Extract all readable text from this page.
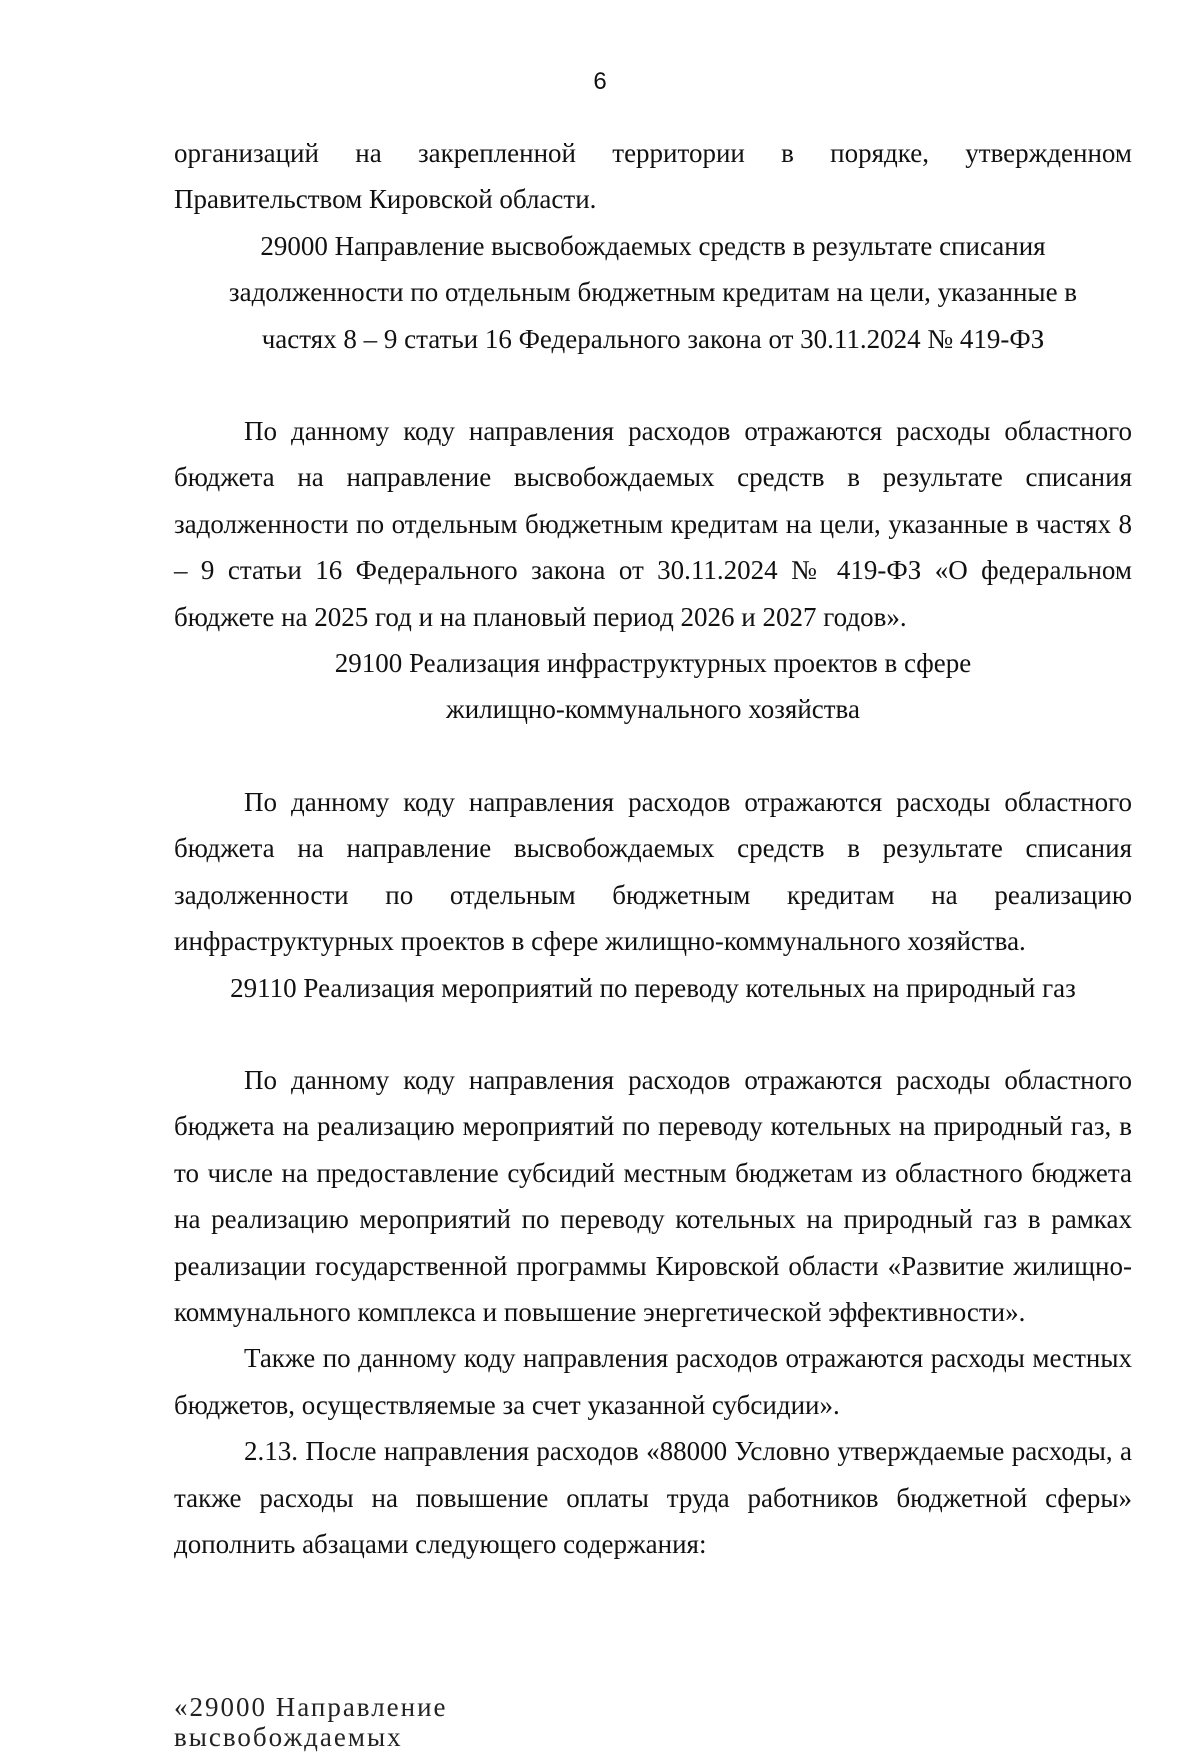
6

организаций на закрепленной территории в порядке, утвержденном

Правительством Кировской области.

29000 Направление высвобождаемых средств в результате списания задолженности по отдельным бюджетным кредитам на цели, указанные в частях 8 – 9 статьи 16 Федерального закона от 30.11.2024 № 419-ФЗ

По данному коду направления расходов отражаются расходы областного бюджета на направление высвобождаемых средств в результате списания задолженности по отдельным бюджетным кредитам на цели, указанные в частях 8 – 9 статьи 16 Федерального закона от 30.11.2024 № 419-ФЗ «О федеральном бюджете на 2025 год и на плановый период 2026 и 2027 годов».

29100 Реализация инфраструктурных проектов в сфере жилищно-коммунального хозяйства

По данному коду направления расходов отражаются расходы областного бюджета на направление высвобождаемых средств в результате списания задолженности по отдельным бюджетным кредитам на реализацию инфраструктурных проектов в сфере жилищно-коммунального хозяйства.

29110 Реализация мероприятий по переводу котельных на природный газ

По данному коду направления расходов отражаются расходы областного бюджета на реализацию мероприятий по переводу котельных на природный газ, в то числе на предоставление субсидий местным бюджетам из областного бюджета на реализацию мероприятий по переводу котельных на природный газ в рамках реализации государственной программы Кировской области «Развитие жилищно-коммунального комплекса и повышение энергетической эффективности».

Также по данному коду направления расходов отражаются расходы местных бюджетов, осуществляемые за счет указанной субсидии».

2.13. После направления расходов «88000 Условно утверждаемые расходы, а также расходы на повышение оплаты труда работников бюджетной сферы» дополнить абзацами следующего содержания:

«29000 Направление высвобождаемых
